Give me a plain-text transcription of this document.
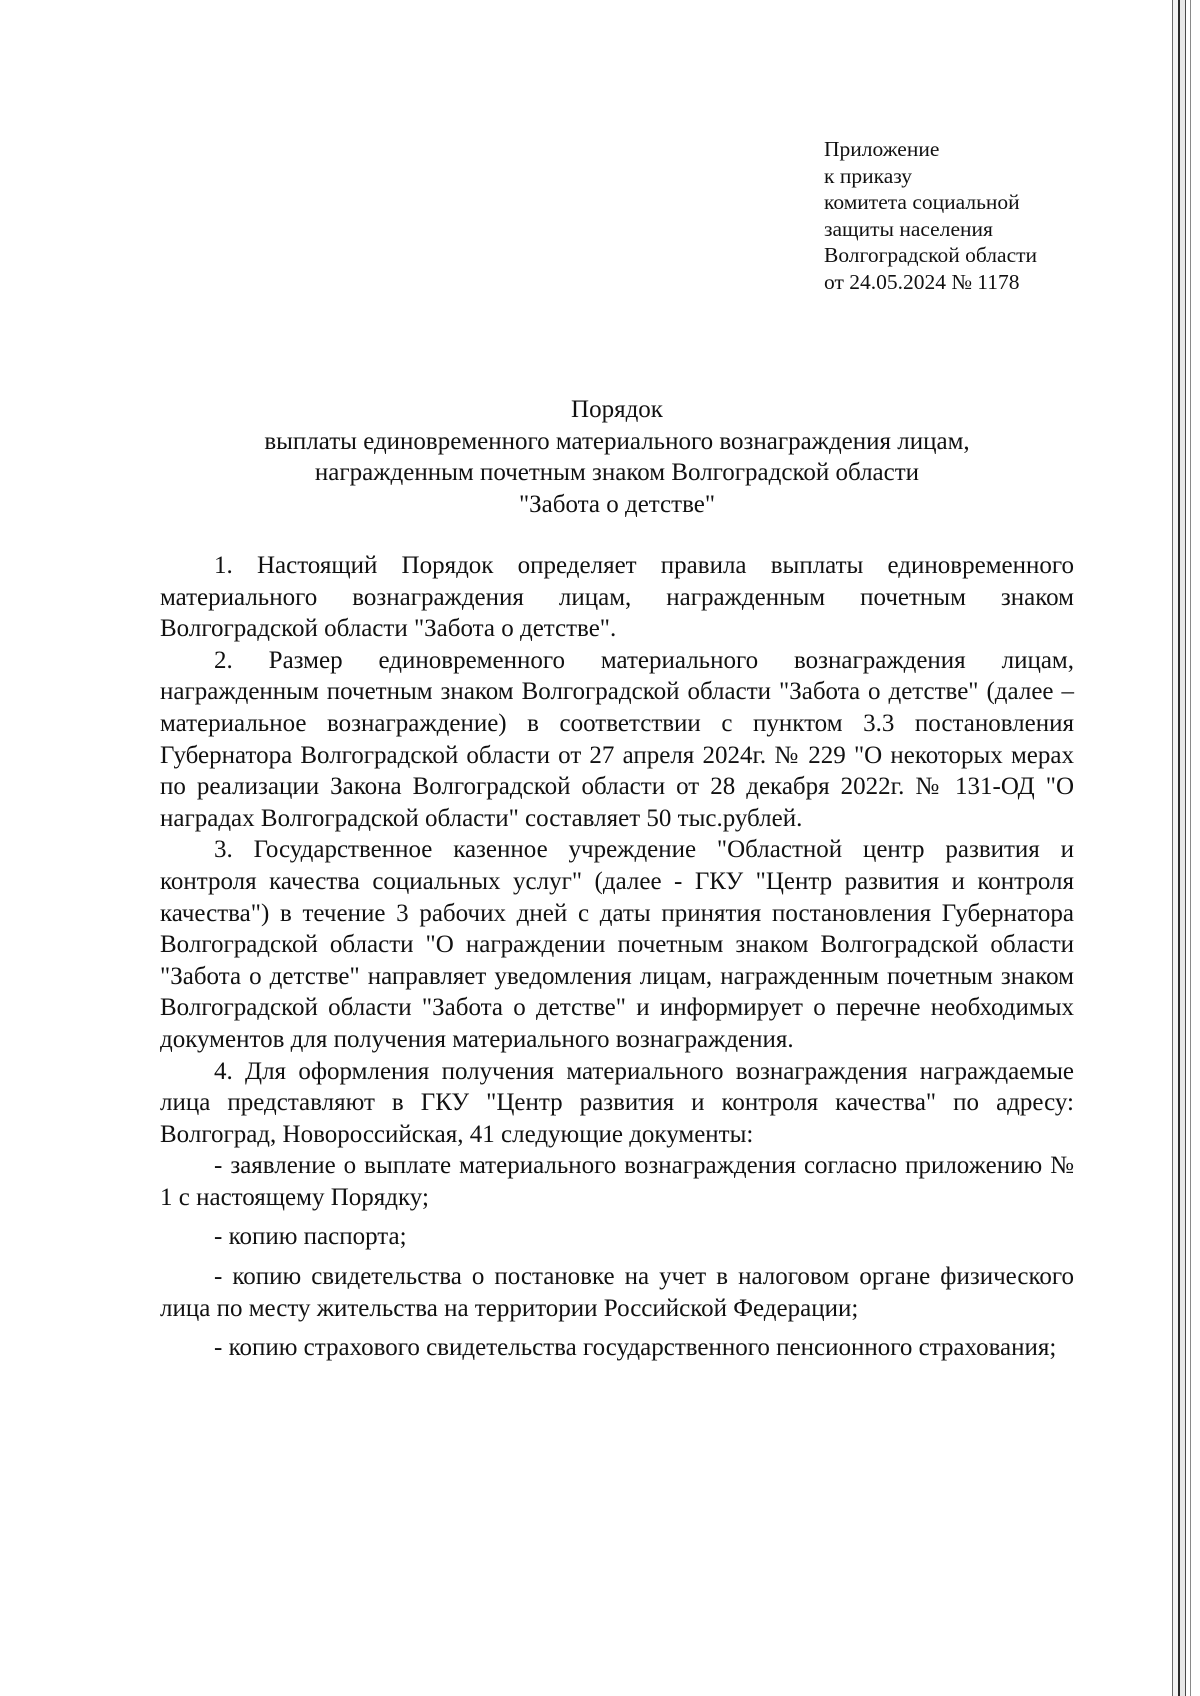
Приложение
к приказу
комитета социальной
защиты населения
Волгоградской области
от 24.05.2024 № 1178
Порядок
выплаты единовременного материального вознаграждения лицам,
награжденным почетным знаком Волгоградской области
"Забота о детстве"

1. Настоящий Порядок определяет правила выплаты единовременного материального вознаграждения лицам, награжденным почетным знаком Волгоградской области "Забота о детстве".

2. Размер единовременного материального вознаграждения лицам, награжденным почетным знаком Волгоградской области "Забота о детстве" (далее – материальное вознаграждение) в соответствии с пунктом 3.3 постановления Губернатора Волгоградской области от 27 апреля 2024г. № 229 "О некоторых мерах по реализации Закона Волгоградской области от 28 декабря 2022г. № 131-ОД "О наградах Волгоградской области" составляет 50 тыс.рублей.

3. Государственное казенное учреждение "Областной центр развития и контроля качества социальных услуг" (далее - ГКУ "Центр развития и контроля качества") в течение 3 рабочих дней с даты принятия постановления Губернатора Волгоградской области "О награждении почетным знаком Волгоградской области "Забота о детстве" направляет уведомления лицам, награжденным почетным знаком Волгоградской области "Забота о детстве" и информирует о перечне необходимых документов для получения материального вознаграждения.

4. Для оформления получения материального вознаграждения награждаемые лица представляют в ГКУ "Центр развития и контроля качества" по адресу: Волгоград, Новороссийская, 41 следующие документы:

- заявление о выплате материального вознаграждения согласно приложению № 1 с настоящему Порядку;

- копию паспорта;

- копию свидетельства о постановке на учет в налоговом органе физического лица по месту жительства на территории Российской Федерации;

- копию страхового свидетельства государственного пенсионного страхования;
